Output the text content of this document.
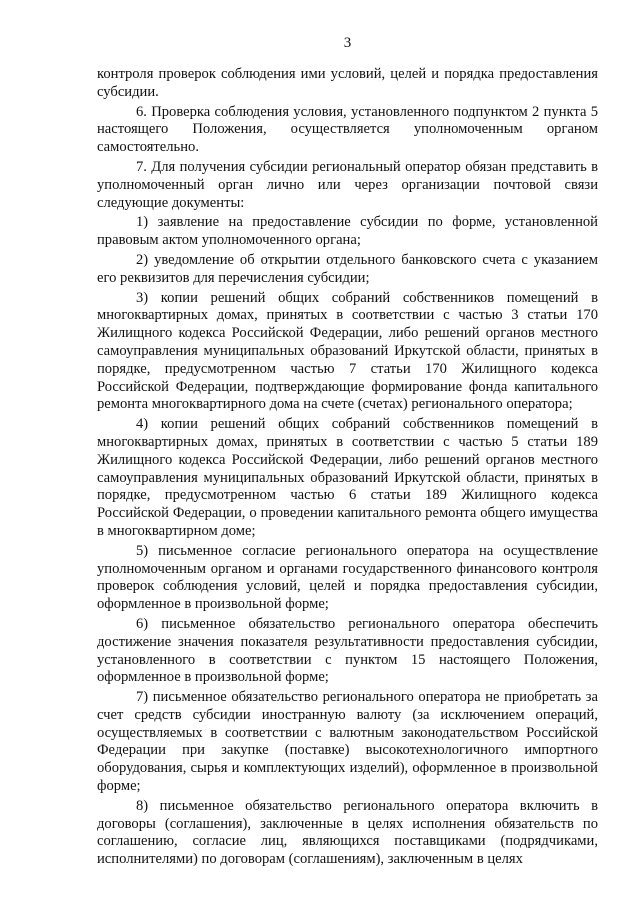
3

контроля проверок соблюдения ими условий, целей и порядка предоставления субсидии.

6. Проверка соблюдения условия, установленного подпунктом 2 пункта 5 настоящего Положения, осуществляется уполномоченным органом самостоятельно.

7. Для получения субсидии региональный оператор обязан представить в уполномоченный орган лично или через организации почтовой связи следующие документы:

1) заявление на предоставление субсидии по форме, установленной правовым актом уполномоченного органа;

2) уведомление об открытии отдельного банковского счета с указанием его реквизитов для перечисления субсидии;

3) копии решений общих собраний собственников помещений в многоквартирных домах, принятых в соответствии с частью 3 статьи 170 Жилищного кодекса Российской Федерации, либо решений органов местного самоуправления муниципальных образований Иркутской области, принятых в порядке, предусмотренном частью 7 статьи 170 Жилищного кодекса Российской Федерации, подтверждающие формирование фонда капитального ремонта многоквартирного дома на счете (счетах) регионального оператора;

4) копии решений общих собраний собственников помещений в многоквартирных домах, принятых в соответствии с частью 5 статьи 189 Жилищного кодекса Российской Федерации, либо решений органов местного самоуправления муниципальных образований Иркутской области, принятых в порядке, предусмотренном частью 6 статьи 189 Жилищного кодекса Российской Федерации, о проведении капитального ремонта общего имущества в многоквартирном доме;

5) письменное согласие регионального оператора на осуществление уполномоченным органом и органами государственного финансового контроля проверок соблюдения условий, целей и порядка предоставления субсидии, оформленное в произвольной форме;

6) письменное обязательство регионального оператора обеспечить достижение значения показателя результативности предоставления субсидии, установленного в соответствии с пунктом 15 настоящего Положения, оформленное в произвольной форме;

7) письменное обязательство регионального оператора не приобретать за счет средств субсидии иностранную валюту (за исключением операций, осуществляемых в соответствии с валютным законодательством Российской Федерации при закупке (поставке) высокотехнологичного импортного оборудования, сырья и комплектующих изделий), оформленное в произвольной форме;

8) письменное обязательство регионального оператора включить в договоры (соглашения), заключенные в целях исполнения обязательств по соглашению, согласие лиц, являющихся поставщиками (подрядчиками, исполнителями) по договорам (соглашениям), заключенным в целях
